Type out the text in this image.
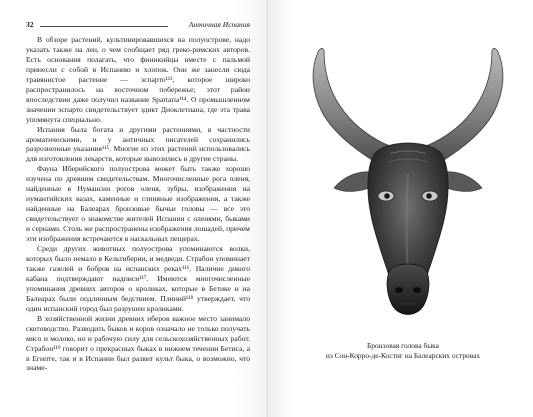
32	Античная Испания

В обзоре растений, культивировавшихся на полуострове, надо указать также на лен, о чем сообщает ряд греко-римских авторов. Есть основания полагать, что финикийцы вместе с пальмой принесли с собой в Испанию и хлопок. Они же занесли сюда травянистое растение — эспарто¹¹³, которое широко распространилось на восточном побережье; этот район впоследствии даже получил название Spartaria¹¹⁴. О промышленном значении эспарто свидетельствует эдикт Диоклетиана, где эта трава упомянута специально.

Испания была богата и другими растениями, в частности ароматическими, и у античных писателей сохранились разрозненные указания¹¹⁵. Многие из этих растений использовались для изготовления лекарств, которые вывозились в другие страны.

Фауна Иберийского полуострова может быть также хорошо изучена по древним свидетельствам. Многочисленные рога оленя, найденные в Нумансии рогов оленя, зубры, изображения на нумантийских вазах, каменные и глиняные изображения, а также найденные на Балеарах бронзовые бычьи головы — все это свидетельствует о знакомстве жителей Испании с оленями, быками и сернами. Столь же распространены изображения лошадей, причем эти изображения встречаются в наскальных пещерах.

Среди других животных полуострова упоминаются волки, которых было немало в Кельтиберии, и медведи. Страбон упоминает также газелей и бобров на испанских реках¹¹⁶. Наличие дикого кабана подтверждают надписи¹¹⁷. Имеются многочисленные упоминания древних авторов о кроликах, которые в Бетике и на Балеарах были подлинным бедствием. Плиний¹¹⁸ утверждает, что один испанский город был разрушен кроликами.

В хозяйственной жизни древних иберов важное место занимало скотоводство. Разводить быков и коров означало не только получать мясо и молоко, но и рабочую силу для сельскохозяйственных работ. Страбон¹¹⁹ говорит о прекрасных быках в нижнем течении Бетиса, а в Египте, так и в Испании был развит культ быка, о возможно, что знаме-

Бронзовая голова быка
из Сон-Корро-де-Костиг на Балеарских островах
